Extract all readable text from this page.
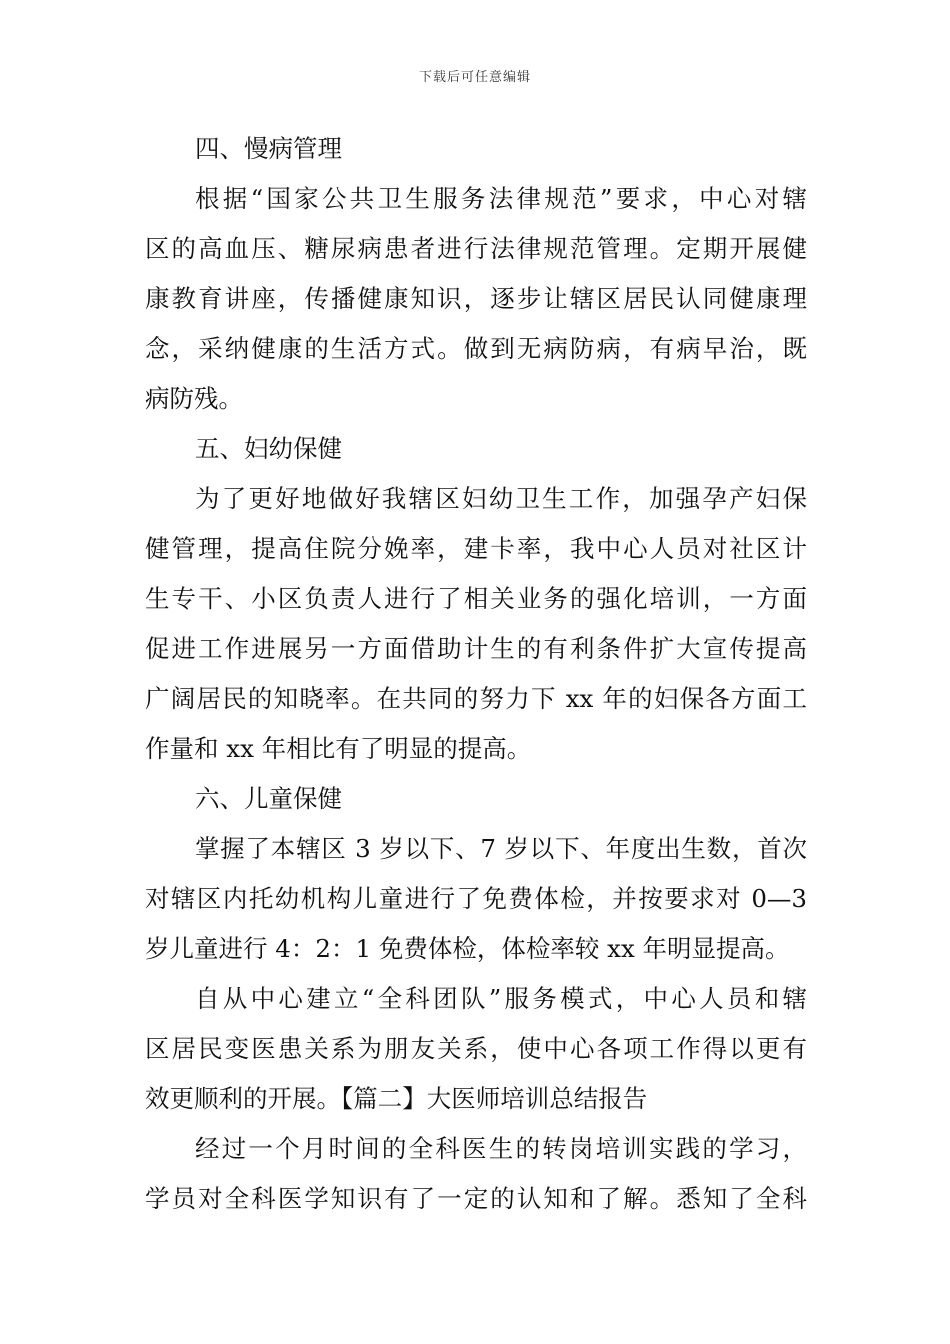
下载后可任意编辑
四、慢病管理
根据“国家公共卫生服务法律规范”要求，中心对辖
区的高血压、糖尿病患者进行法律规范管理。定期开展健
康教育讲座，传播健康知识，逐步让辖区居民认同健康理
念，采纳健康的生活方式。做到无病防病，有病早治，既
病防残。
五、妇幼保健
为了更好地做好我辖区妇幼卫生工作，加强孕产妇保
健管理，提高住院分娩率，建卡率，我中心人员对社区计
生专干、小区负责人进行了相关业务的强化培训，一方面
促进工作进展另一方面借助计生的有利条件扩大宣传提高
广阔居民的知晓率。在共同的努力下 xx 年的妇保各方面工
作量和 xx 年相比有了明显的提高。
六、儿童保健
掌握了本辖区 3 岁以下、7 岁以下、年度出生数，首次
对辖区内托幼机构儿童进行了免费体检，并按要求对 0—3
岁儿童进行 4：2：1 免费体检，体检率较 xx 年明显提高。
自从中心建立“全科团队”服务模式，中心人员和辖
区居民变医患关系为朋友关系，使中心各项工作得以更有
效更顺利的开展。【篇二】大医师培训总结报告
经过一个月时间的全科医生的转岗培训实践的学习，
学员对全科医学知识有了一定的认知和了解。悉知了全科
